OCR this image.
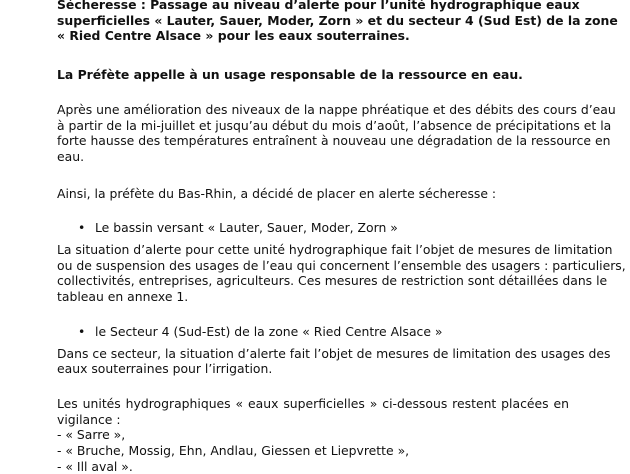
Sécheresse : Passage au niveau d’alerte pour l’unité hydrographique eaux
superficielles « Lauter, Sauer, Moder, Zorn » et du secteur 4 (Sud Est) de la zone
« Ried Centre Alsace » pour les eaux souterraines.

La Préfète appelle à un usage responsable de la ressource en eau.

Après une amélioration des niveaux de la nappe phréatique et des débits des cours d’eau
à partir de la mi-juillet et jusqu’au début du mois d’août, l’absence de précipitations et la
forte hausse des températures entraînent à nouveau une dégradation de la ressource en
eau.

Ainsi, la préfète du Bas-Rhin, a décidé de placer en alerte sécheresse :

• Le bassin versant « Lauter, Sauer, Moder, Zorn »

La situation d’alerte pour cette unité hydrographique fait l’objet de mesures de limitation
ou de suspension des usages de l’eau qui concernent l’ensemble des usagers : particuliers,
collectivités, entreprises, agriculteurs. Ces mesures de restriction sont détaillées dans le
tableau en annexe 1.

• le Secteur 4 (Sud-Est) de la zone « Ried Centre Alsace »

Dans ce secteur, la situation d’alerte fait l’objet de mesures de limitation des usages des
eaux souterraines pour l’irrigation.

Les unités hydrographiques « eaux superficielles » ci-dessous restent placées en vigilance :

- « Sarre »,
- « Bruche, Mossig, Ehn, Andlau, Giessen et Liepvrette »,
- « Ill aval ».
